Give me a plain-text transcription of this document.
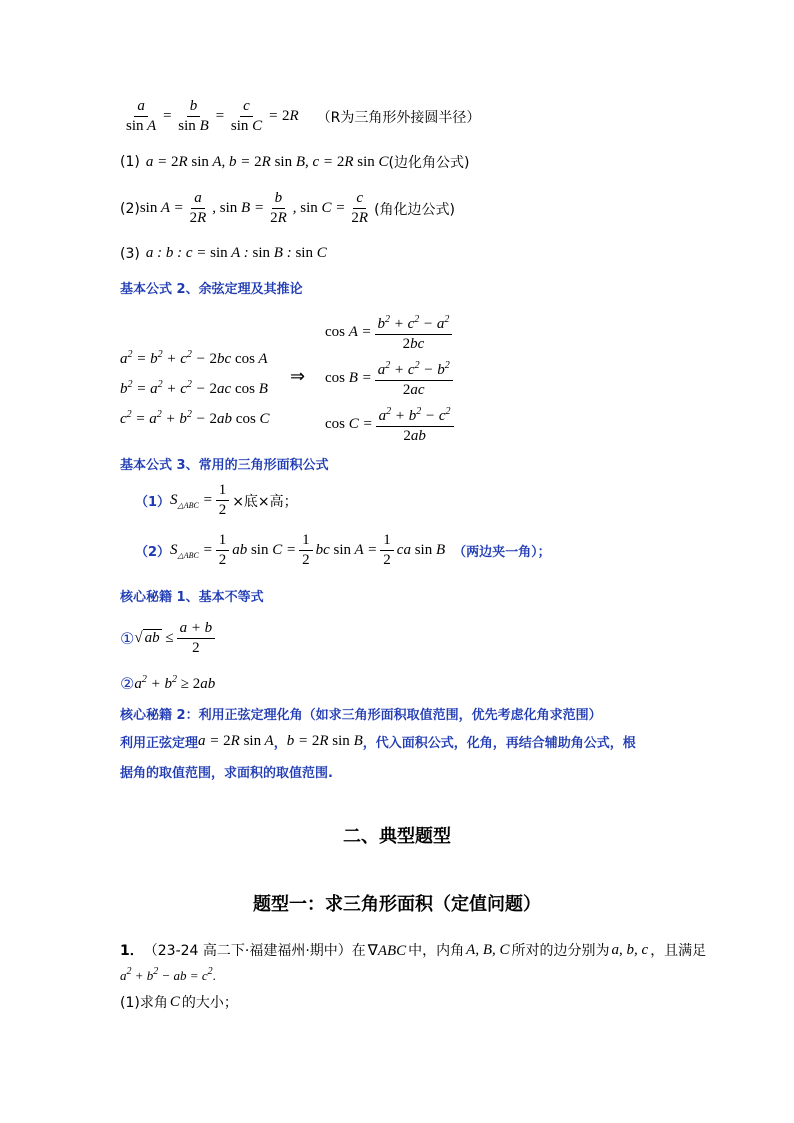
$\frac{a}{\text{sin A}} = \frac{b}{\text{sin B}} = \frac{c}{\text{sin C}} = 2R$ （R为三角形外接圆半径）
(1) a = 2R sin A, b = 2R sin B, c = 2R sin C (边化角公式)
(2) $\sin A = \frac{a}{2R}$ , $\sin B = \frac{b}{2R}$ , $\sin C = \frac{c}{2R}$ (角化边公式)
(3) a : b : c = sin A : sin B : sin C
基本公式 2、余弦定理及其推论
$a^2 = b^2 + c^2 - 2bc$ cos A
$b^2 = a^2 + c^2 - 2ac$ cos B
$c^2 = a^2 + b^2 - 2ab$ cos C
⇒
$\cos A = \frac{b^2 + c^2 - a^2}{2bc}$
$\cos B = \frac{a^2 + c^2 - b^2}{2ac}$
$\cos C = \frac{a^2 + b^2 - c^2}{2ab}$
基本公式 3、常用的三角形面积公式
（1） $S_{\triangle ABC} = \frac{1}{2}$ ×底×高；
（2） $S_{\triangle ABC} = \frac{1}{2}$ ab $\sin C = \frac{1}{2}$ bc $\sin A = \frac{1}{2}$ ca sin B （两边夹一角）；
核心秘籍 1、基本不等式
① √ ab ≤ $\frac{a + b}{2}$
② $a^2 + b^2 \ge 2ab$
核心秘籍 2：利用正弦定理化角（如求三角形面积取值范围，优先考虑化角求范围）
利用正弦定理 a = 2R sin A ， b = 2R sin B ，代入面积公式，化角，再结合辅助角公式，根
据角的取值范围，求面积的取值范围.
二、典型题型
题型一：求三角形面积（定值问题）
1． （23-24 高二下·福建福州·期中） 在 ∇ABC 中，内角 A, B, C 所对的边分别为 a, b, c ，且满足
$a^2 + b^2$ − ab = $c^2$.
(1)求角 C 的大小；
